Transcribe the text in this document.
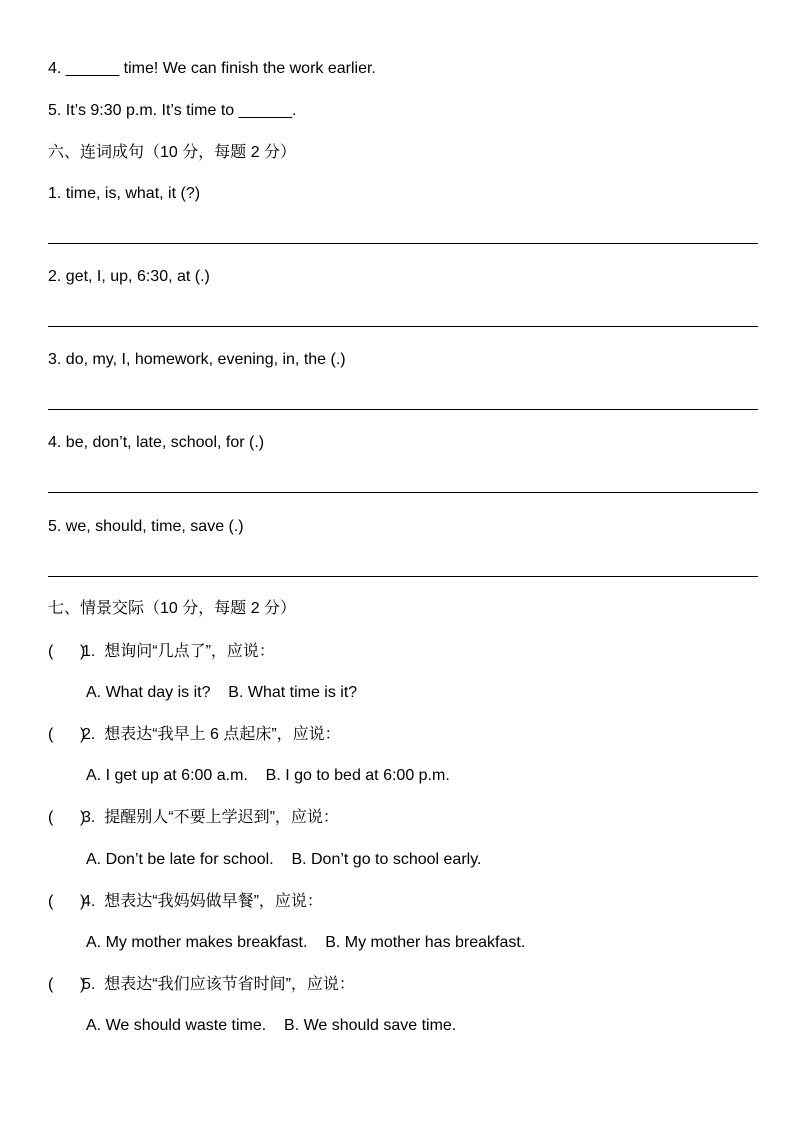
4. ______ time! We can finish the work earlier.
5. It’s 9:30 p.m. It’s time to ______.
六、连词成句（10 分，每题 2 分）
1. time, is, what, it (?)
2. get, I, up, 6:30, at (.)
3. do, my, I, homework, evening, in, the (.)
4. be, don’t, late, school, for (.)
5. we, should, time, save (.)
七、情景交际（10 分，每题 2 分）
(      )
1.  想询问“几点了”，应说：
A. What day is it?    B. What time is it?
(      )
2.  想表达“我早上 6 点起床”，应说：
A. I get up at 6:00 a.m.    B. I go to bed at 6:00 p.m.
(      )
3.  提醒别人“不要上学迟到”，应说：
A. Don’t be late for school.    B. Don’t go to school early.
(      )
4.  想表达“我妈妈做早餐”，应说：
A. My mother makes breakfast.    B. My mother has breakfast.
(      )
5.  想表达“我们应该节省时间”，应说：
A. We should waste time.    B. We should save time.
